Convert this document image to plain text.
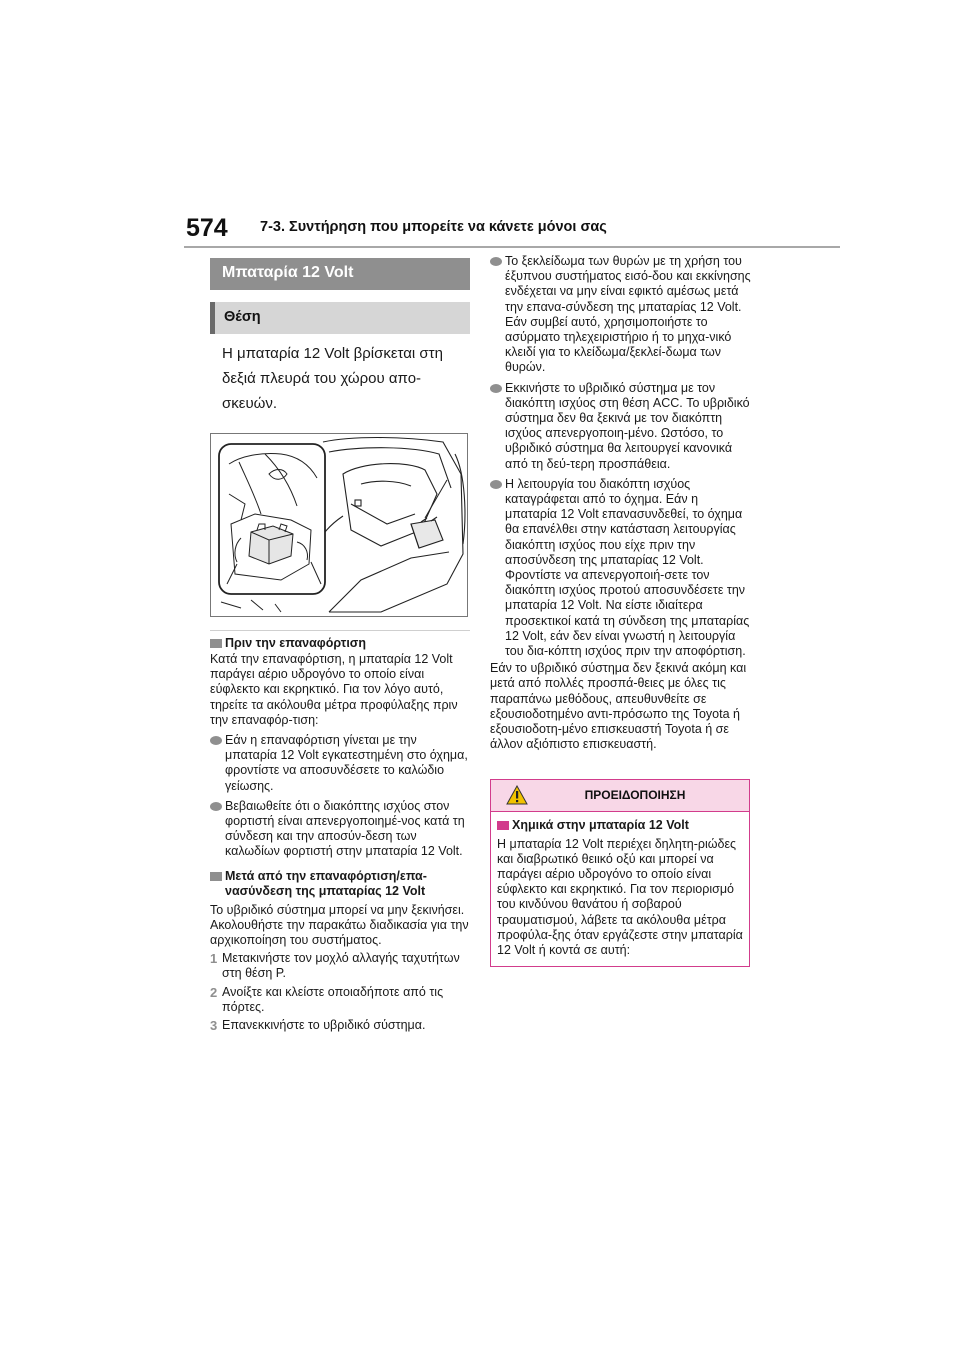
574 7-3. Συντήρηση που μπορείτε να κάνετε μόνοι σας
Μπαταρία 12 Volt
Θέση
Η μπαταρία 12 Volt βρίσκεται στη δεξιά πλευρά του χώρου απο-σκευών.
Πριν την επαναφόρτιση
Κατά την επαναφόρτιση, η μπαταρία 12 Volt παράγει αέριο υδρογόνο το οποίο είναι εύφλεκτο και εκρηκτικό. Για τον λόγο αυτό, τηρείτε τα ακόλουθα μέτρα προφύλαξης πριν την επαναφόρ-τιση:
Εάν η επαναφόρτιση γίνεται με την μπαταρία 12 Volt εγκατεστημένη στο όχημα, φροντίστε να αποσυνδέσετε το καλώδιο γείωσης.
Βεβαιωθείτε ότι ο διακόπτης ισχύος στον φορτιστή είναι απενεργοποιημέ-νος κατά τη σύνδεση και την αποσύν-δεση των καλωδίων φορτιστή στην μπαταρία 12 Volt.
Μετά από την επαναφόρτιση/επα-νασύνδεση της μπαταρίας 12 Volt
Το υβριδικό σύστημα μπορεί να μην ξεκινήσει. Ακολουθήστε την παρακάτω διαδικασία για την αρχικοποίηση του συστήματος.
1 Μετακινήστε τον μοχλό αλλαγής ταχυτήτων στη θέση P.
2 Ανοίξτε και κλείστε οποιαδήποτε από τις πόρτες.
3 Επανεκκινήστε το υβριδικό σύστημα.
Το ξεκλείδωμα των θυρών με τη χρήση του έξυπνου συστήματος εισό-δου και εκκίνησης ενδέχεται να μην είναι εφικτό αμέσως μετά την επανα-σύνδεση της μπαταρίας 12 Volt. Εάν συμβεί αυτό, χρησιμοποιήστε το ασύρματο τηλεχειριστήριο ή το μηχα-νικό κλειδί για το κλείδωμα/ξεκλεί-δωμα των θυρών.
Εκκινήστε το υβριδικό σύστημα με τον διακόπτη ισχύος στη θέση ACC. Το υβριδικό σύστημα δεν θα ξεκινά με τον διακόπτη ισχύος απενεργοποιη-μένο. Ωστόσο, το υβριδικό σύστημα θα λειτουργεί κανονικά από τη δεύ-τερη προσπάθεια.
Η λειτουργία του διακόπτη ισχύος καταγράφεται από το όχημα. Εάν η μπαταρία 12 Volt επανασυνδεθεί, το όχημα θα επανέλθει στην κατάσταση λειτουργίας διακόπτη ισχύος που είχε πριν την αποσύνδεση της μπαταρίας 12 Volt. Φροντίστε να απενεργοποιή-σετε τον διακόπτη ισχύος προτού αποσυνδέσετε την μπαταρία 12 Volt. Να είστε ιδιαίτερα προσεκτικοί κατά τη σύνδεση της μπαταρίας 12 Volt, εάν δεν είναι γνωστή η λειτουργία του δια-κόπτη ισχύος πριν την αποφόρτιση.
Εάν το υβριδικό σύστημα δεν ξεκινά ακόμη και μετά από πολλές προσπά-θειες με όλες τις παραπάνω μεθόδους, απευθυνθείτε σε εξουσιοδοτημένο αντι-πρόσωπο της Toyota ή εξουσιοδοτη-μένο επισκευαστή Toyota ή σε άλλον αξιόπιστο επισκευαστή.
ΠΡΟΕΙΔΟΠΟΙΗΣΗ
Χημικά στην μπαταρία 12 Volt
Η μπαταρία 12 Volt περιέχει δηλητη-ριώδες και διαβρωτικό θειικό οξύ και μπορεί να παράγει αέριο υδρογόνο το οποίο είναι εύφλεκτο και εκρηκτικό. Για τον περιορισμό του κινδύνου θανάτου ή σοβαρού τραυματισμού, λάβετε τα ακόλουθα μέτρα προφύλα-ξης όταν εργάζεστε στην μπαταρία 12 Volt ή κοντά σε αυτή:
